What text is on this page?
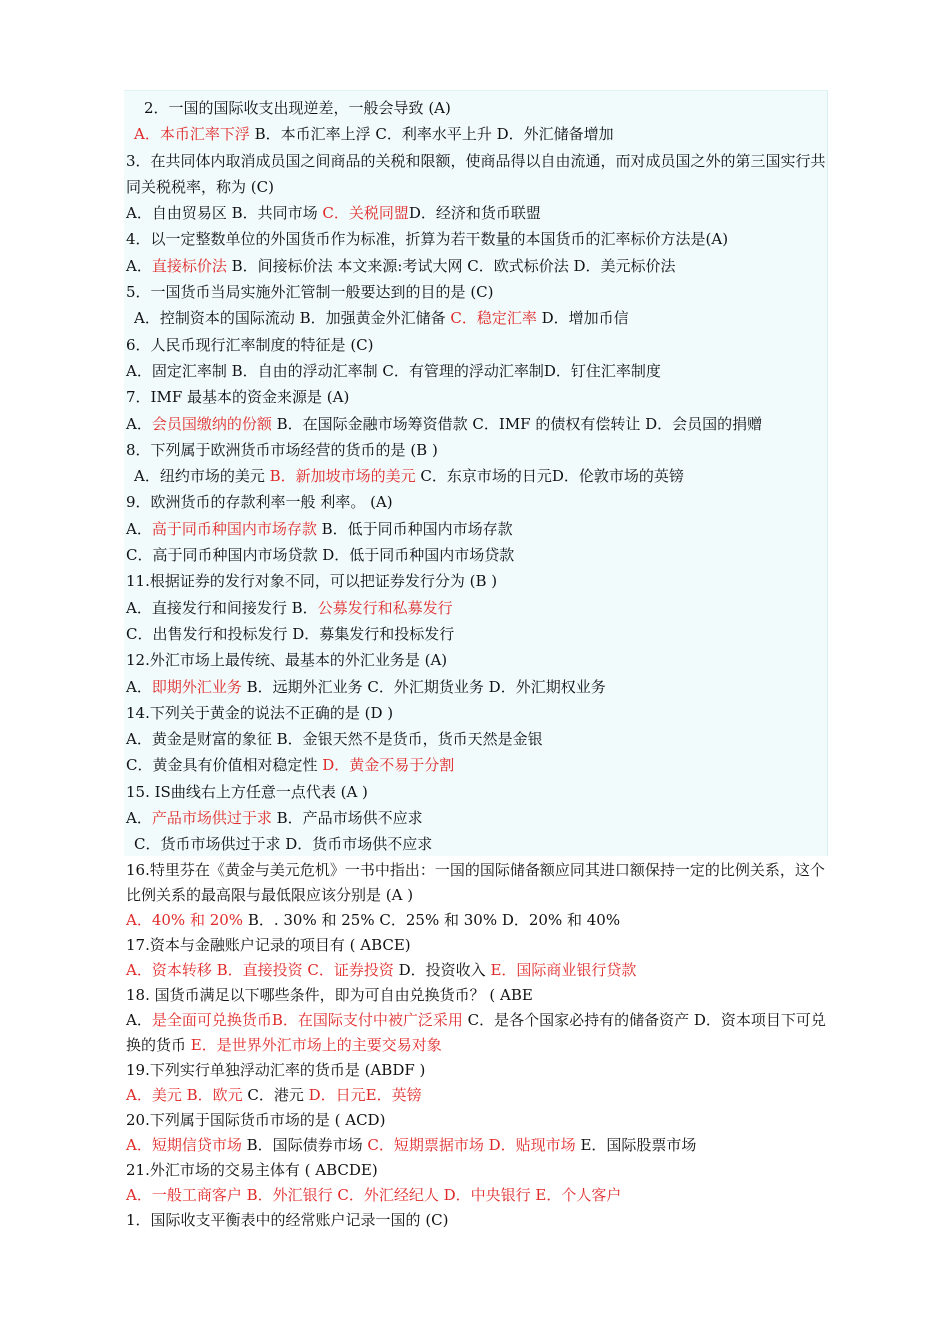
2．一国的国际收支出现逆差，一般会导致 (A)
A．本币汇率下浮 B．本币汇率上浮 C．利率水平上升 D．外汇储备增加
3．在共同体内取消成员国之间商品的关税和限额，使商品得以自由流通，而对成员国之外的第三国实行共同关税税率，称为 (C)
A．自由贸易区 B．共同市场 C．关税同盟D．经济和货币联盟
4．以一定整数单位的外国货币作为标准，折算为若干数量的本国货币的汇率标价方法是(A)
A．直接标价法 B．间接标价法 本文来源:考试大网 C．欧式标价法 D．美元标价法
5．一国货币当局实施外汇管制一般要达到的目的是 (C)
A．控制资本的国际流动 B．加强黄金外汇储备 C．稳定汇率 D．增加币信
6．人民币现行汇率制度的特征是 (C)
A．固定汇率制 B．自由的浮动汇率制 C．有管理的浮动汇率制D．钉住汇率制度
7．IMF 最基本的资金来源是 (A)
A．会员国缴纳的份额 B．在国际金融市场筹资借款 C．IMF 的债权有偿转让 D．会员国的捐赠
8．下列属于欧洲货币市场经营的货币的是 (B )
A．纽约市场的美元 B．新加坡市场的美元 C．东京市场的日元D．伦敦市场的英镑
9．欧洲货币的存款利率一般 利率。 (A)
A．高于同币种国内市场存款 B．低于同币种国内市场存款
C．高于同币种国内市场贷款 D．低于同币种国内市场贷款
11.根据证券的发行对象不同，可以把证券发行分为 (B )
A．直接发行和间接发行 B．公募发行和私募发行
C．出售发行和投标发行 D．募集发行和投标发行
12.外汇市场上最传统、最基本的外汇业务是 (A)
A．即期外汇业务 B．远期外汇业务 C．外汇期货业务 D．外汇期权业务
14.下列关于黄金的说法不正确的是 (D )
A．黄金是财富的象征 B．金银天然不是货币，货币天然是金银
C．黄金具有价值相对稳定性 D．黄金不易于分割
15. IS曲线右上方任意一点代表 (A )
A．产品市场供过于求 B．产品市场供不应求
C．货币市场供过于求 D．货币市场供不应求
16.特里芬在《黄金与美元危机》一书中指出：一国的国际储备额应同其进口额保持一定的比例关系，这个比例关系的最高限与最低限应该分别是 (A )
A．40% 和 20% B．. 30% 和 25% C．25% 和 30% D．20% 和 40%
17.资本与金融账户记录的项目有 ( ABCE)
A．资本转移 B．直接投资 C．证券投资 D．投资收入 E．国际商业银行贷款
18. 国货币满足以下哪些条件，即为可自由兑换货币？ ( ABE
A．是全面可兑换货币B．在国际支付中被广泛采用 C．是各个国家必持有的储备资产 D．资本项目下可兑换的货币 E．是世界外汇市场上的主要交易对象
19.下列实行单独浮动汇率的货币是 (ABDF )
A．美元 B．欧元 C．港元 D．日元E．英镑
20.下列属于国际货币市场的是 ( ACD)
A．短期信贷市场 B．国际债券市场 C．短期票据市场 D．贴现市场 E．国际股票市场
21.外汇市场的交易主体有 ( ABCDE)
A．一般工商客户 B．外汇银行 C．外汇经纪人 D．中央银行 E．个人客户
1．国际收支平衡表中的经常账户记录一国的 (C)
